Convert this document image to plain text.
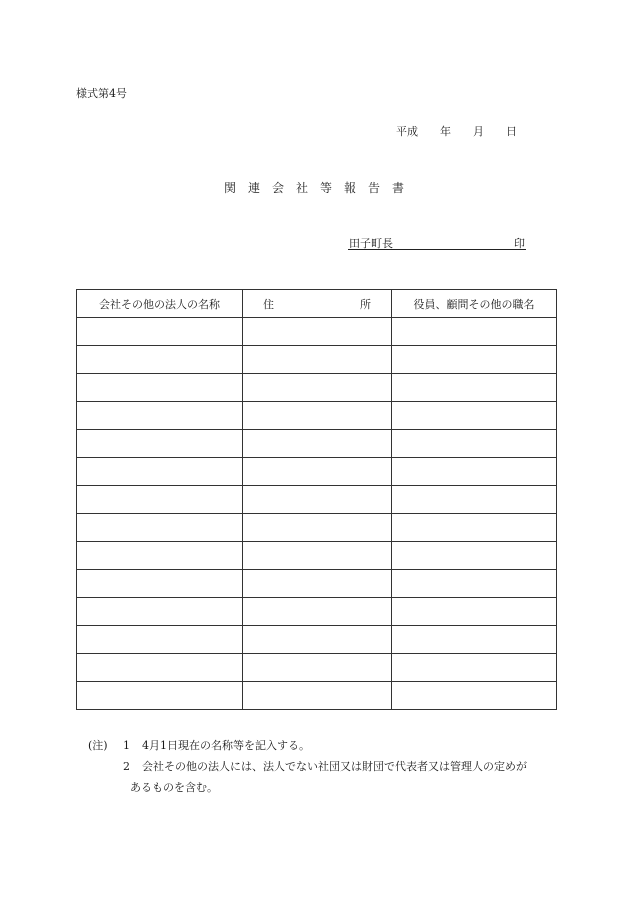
様式第4号
平成　　年　　月　　日
関　連　会　社　等　報　告　書
田子町長	印
会社その他の法人の名称	住 所	役員、顧問その他の職名

(注) 1 4月1日現在の名称等を記入する。
2 会社その他の法人には、法人でない社団又は財団で代表者又は管理人の定めが
あるものを含む。
